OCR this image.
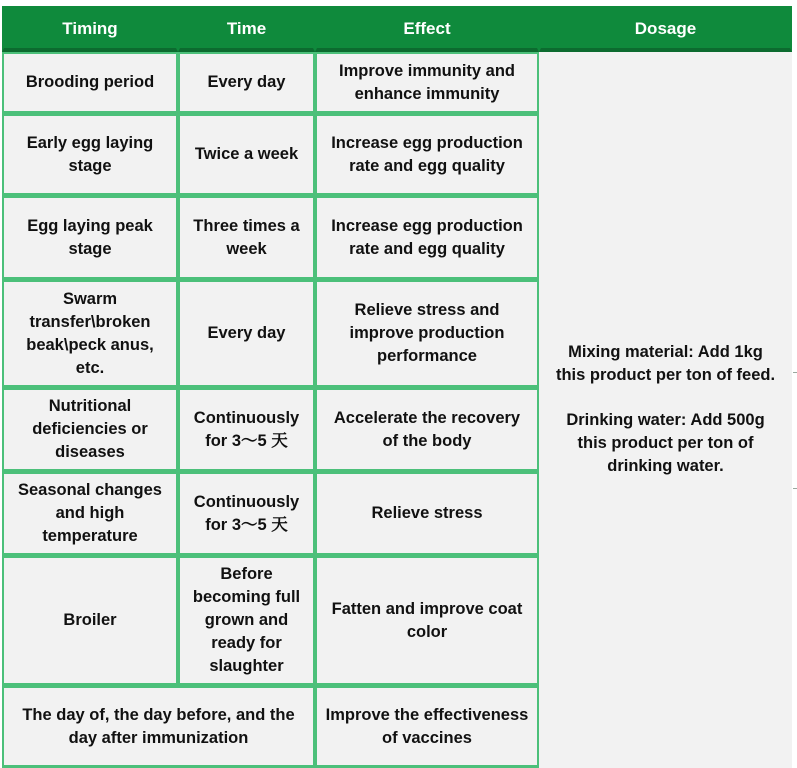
Timing	Time	Effect	Dosage
Brooding period	Every day	Improve immunity and enhance immunity	Mixing material: Add 1kg this product per ton of feed.
Drinking water: Add 500g this product per ton of drinking water.

Early egg laying stage	Twice a week	Increase egg production rate and egg quality	
Egg laying peak stage	Three times a week	Increase egg production rate and egg quality	
Swarm transfer\broken beak\peck anus, etc.	Every day	Relieve stress and improve production performance	
Nutritional deficiencies or diseases	Continuously for 3～5 天	Accelerate the recovery of the body	
Seasonal changes and high temperature	Continuously for 3～5 天	Relieve stress	
Broiler	Before becoming full grown and ready for slaughter	Fatten and improve coat color	
The day of, the day before, and the day after immunization		Improve the effectiveness of vaccines	
